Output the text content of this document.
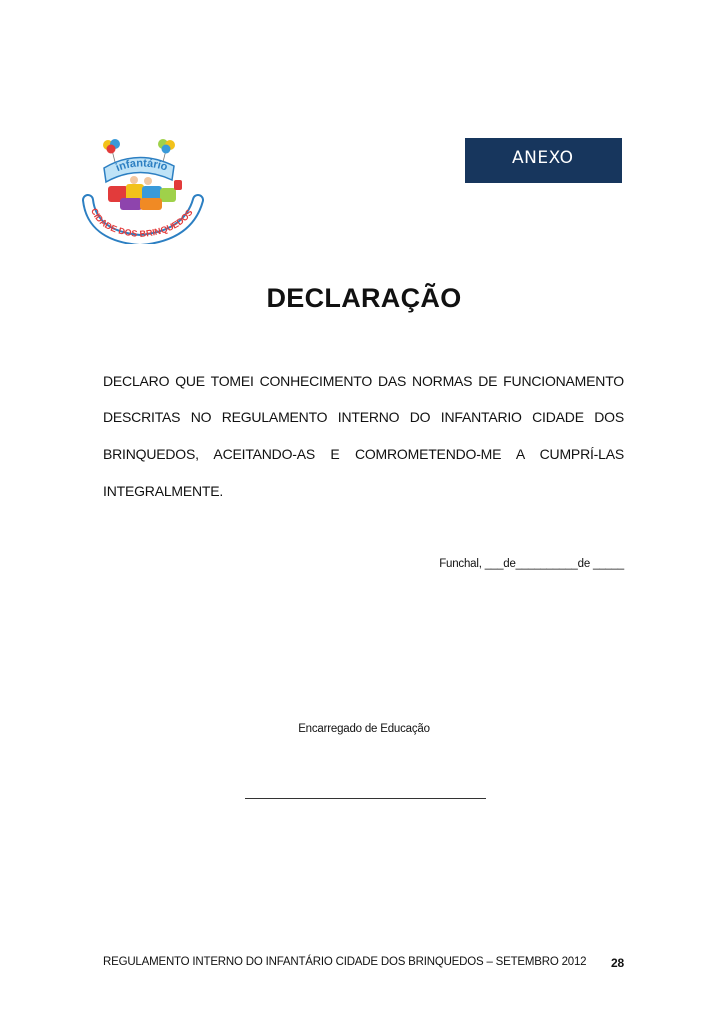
CIDADE DOS BRINQUEDOS
infantário	ANEXO
DECLARAÇÃO
DECLARO QUE TOMEI CONHECIMENTO DAS NORMAS DE FUNCIONAMENTO
DESCRITAS NO REGULAMENTO INTERNO DO INFANTARIO CIDADE DOS
BRINQUEDOS, ACEITANDO-AS E COMROMETENDO-ME A CUMPRÍ-LAS
INTEGRALMENTE.
Funchal, ___de__________de _____
Encarregado de Educação
REGULAMENTO INTERNO DO INFANTÁRIO CIDADE DOS BRINQUEDOS – SETEMBRO 2012 28
